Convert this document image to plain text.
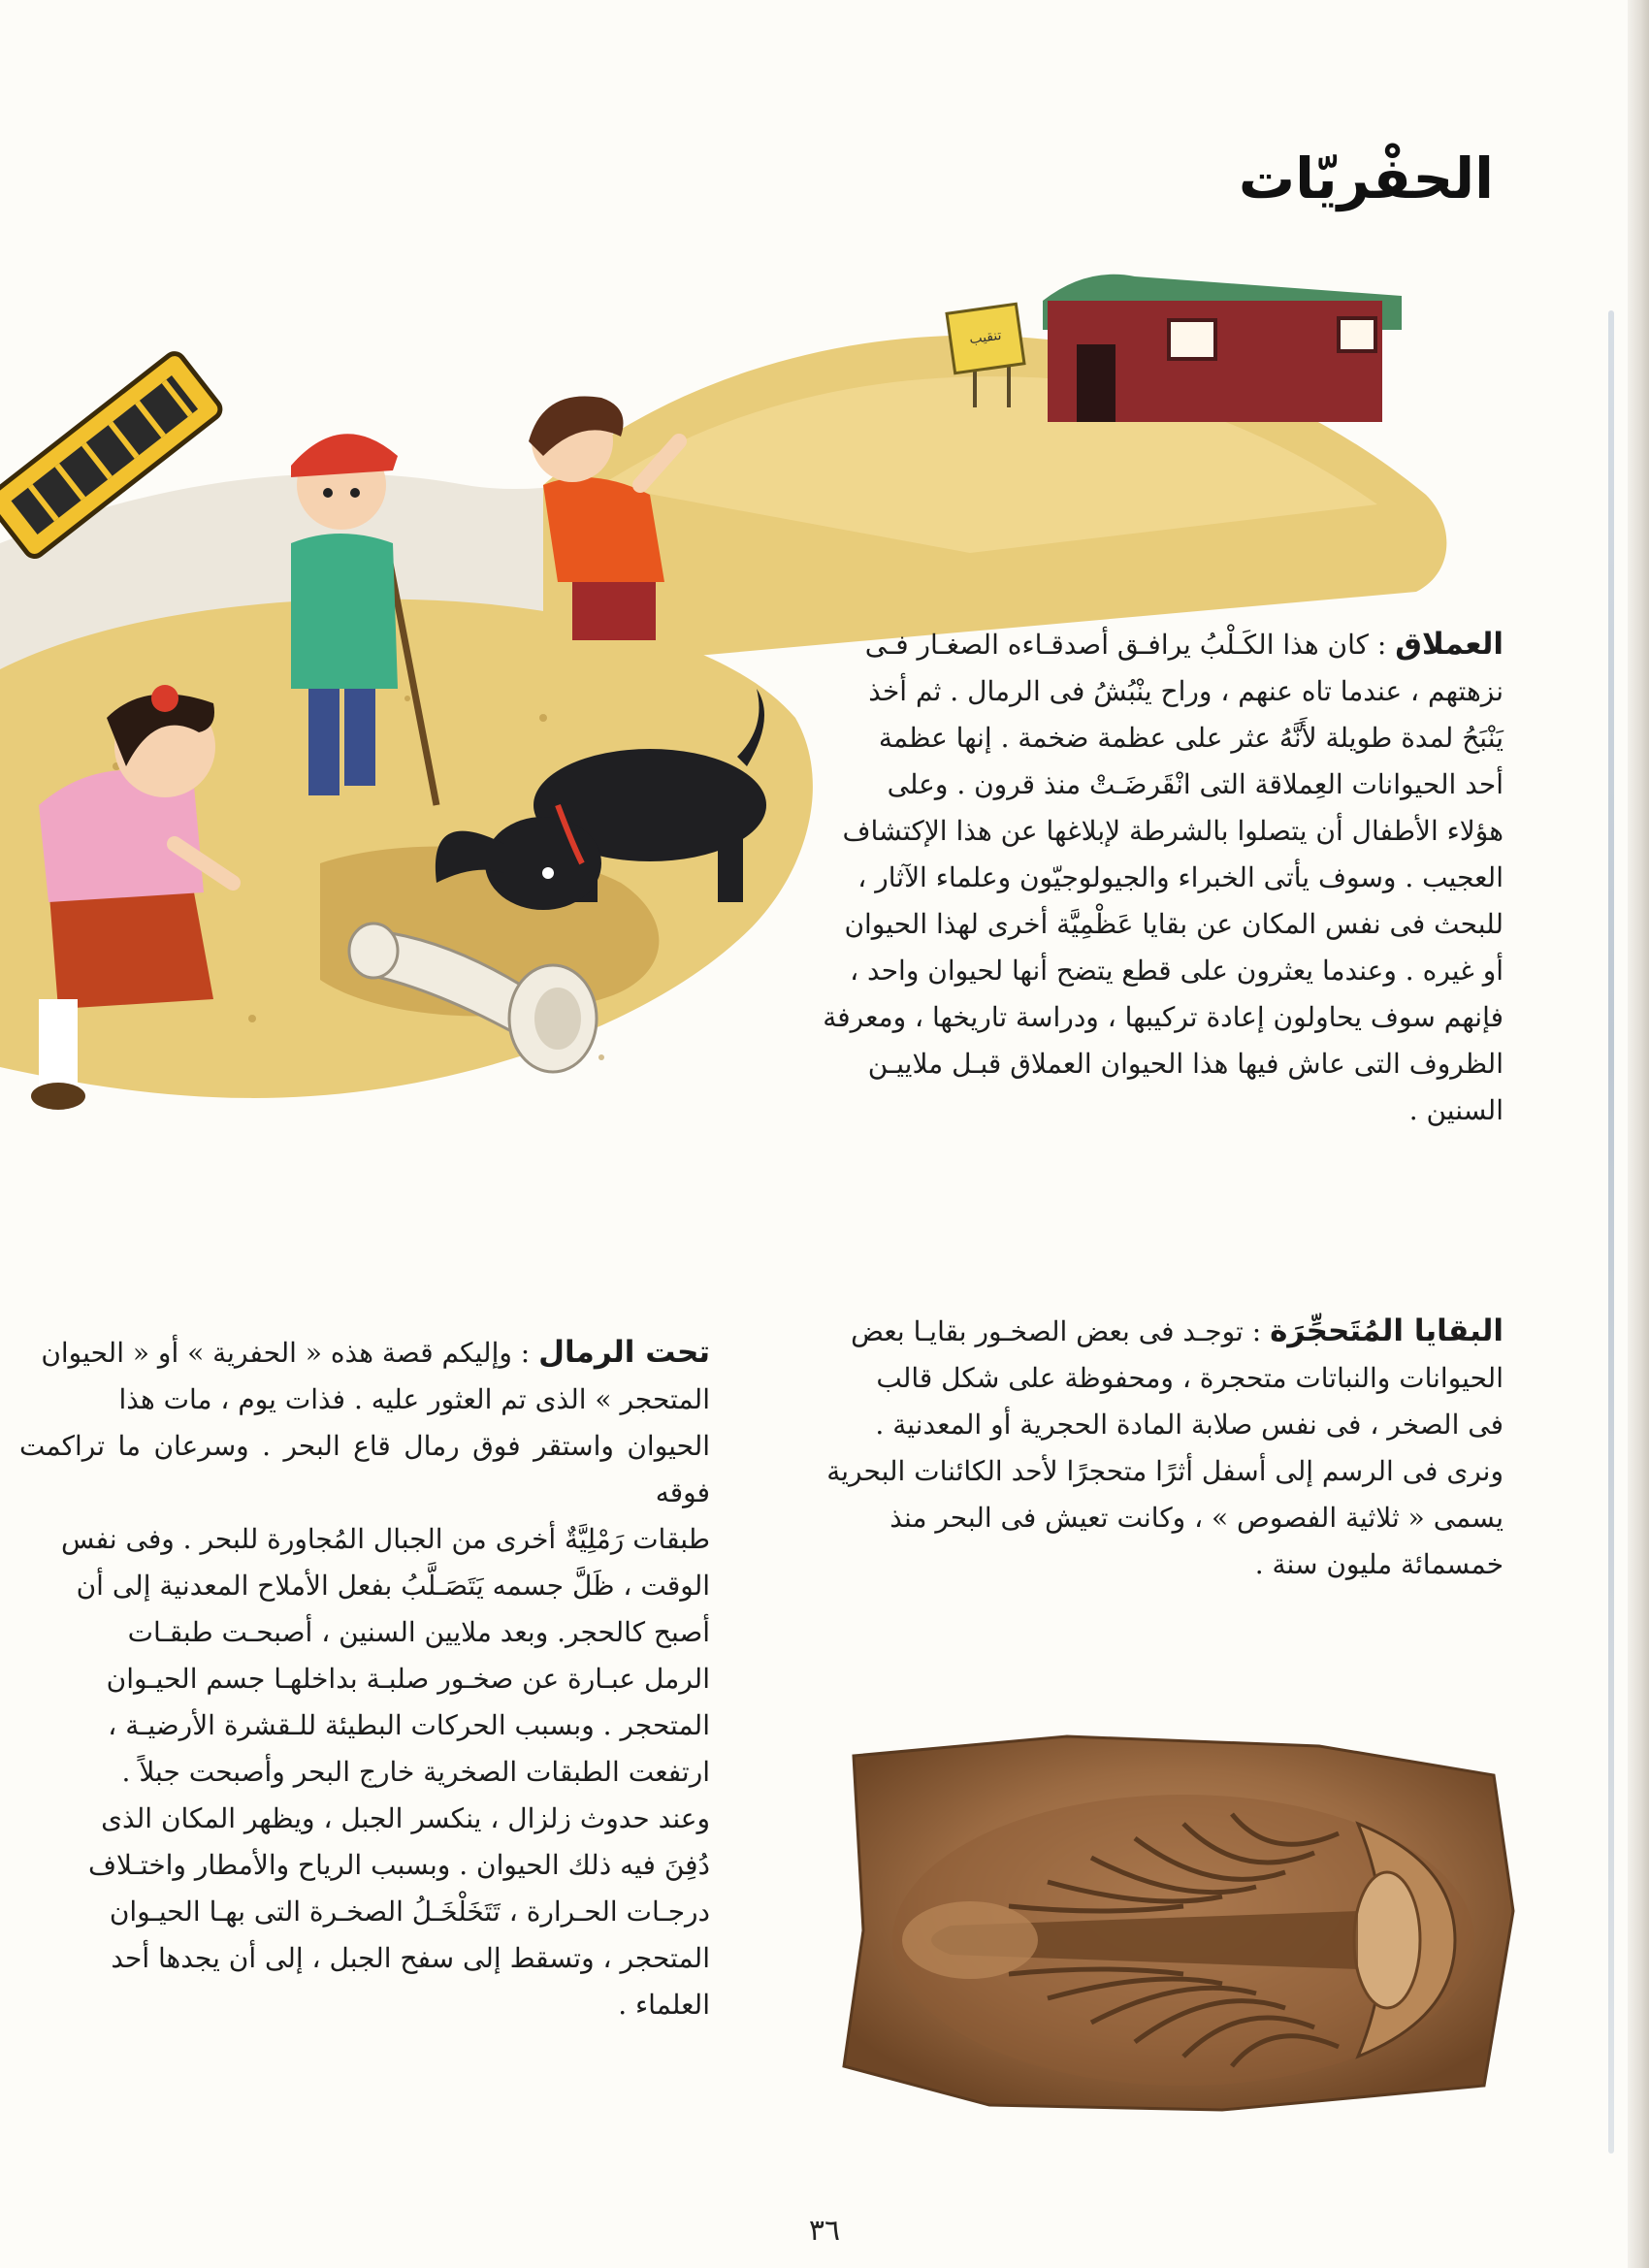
الحفْريّات
تنقيب
العملاق : كان هذا الكَـلْبُ يرافـق أصدقـاءه الصغـار فـى
نزهتهم ، عندما تاه عنهم ، وراح ينْبُشُ فى الرمال . ثم أخذ
يَنْبَحُ لمدة طويلة لأَنَّهُ عثر على عظمة ضخمة . إنها عظمة
أحد الحيوانات العِملاقة التى انْقَرضَـتْ منذ قرون . وعلى
هؤلاء الأطفال أن يتصلوا بالشرطة لإبلاغها عن هذا الإكتشاف
العجيب . وسوف يأتى الخبراء والجيولوجيّون وعلماء الآثار ،
للبحث فى نفس المكان عن بقايا عَظْمِيَّة أخرى لهذا الحيوان
أو غيره . وعندما يعثرون على قطع يتضح أنها لحيوان واحد ،
فإنهم سوف يحاولون إعادة تركيبها ، ودراسة تاريخها ، ومعرفة
الظروف التى عاش فيها هذا الحيوان العملاق قبـل ملاييـن
السنين .
البقايا المُتَحجِّرَة : توجـد فى بعض الصخـور بقايـا بعض
الحيوانات والنباتات متحجرة ، ومحفوظة على شكل قالب
فى الصخر ، فى نفس صلابة المادة الحجرية أو المعدنية .
ونرى فى الرسم إلى أسفل أثرًا متحجرًا لأحد الكائنات البحرية
يسمى « ثلاثية الفصوص » ، وكانت تعيش فى البحر منذ
خمسمائة مليون سنة .
تحت الرمال : وإليكم قصة هذه « الحفرية » أو « الحيوان
المتحجر » الذى تم العثور عليه . فذات يوم ، مات هذا
الحيوان واستقر فوق رمال قاع البحر . وسرعان ما تراكمت فوقه
طبقات رَمْلِيَّةٌ أخرى من الجبال المُجاورة للبحر . وفى نفس
الوقت ، ظَلَّ جسمه يَتَصَـلَّبُ بفعل الأملاح المعدنية إلى أن
أصبح كالحجر. وبعد ملايين السنين ، أصبحـت طبقـات
الرمل عبـارة عن صخـور صلبـة بداخلهـا جسم الحيـوان
المتحجر . وبسبب الحركات البطيئة للـقشرة الأرضيـة ،
ارتفعت الطبقات الصخرية خارج البحر وأصبحت جبلاً .
وعند حدوث زلزال ، ينكسر الجبل ، ويظهر المكان الذى
دُفِنَ فيه ذلك الحيوان . وبسبب الرياح والأمطار واختـلاف
درجـات الحـرارة ، تَتَخَلْخَـلُ الصخـرة التى بهـا الحيـوان
المتحجر ، وتسقط إلى سفح الجبل ، إلى أن يجدها أحد
العلماء .
٣٦
